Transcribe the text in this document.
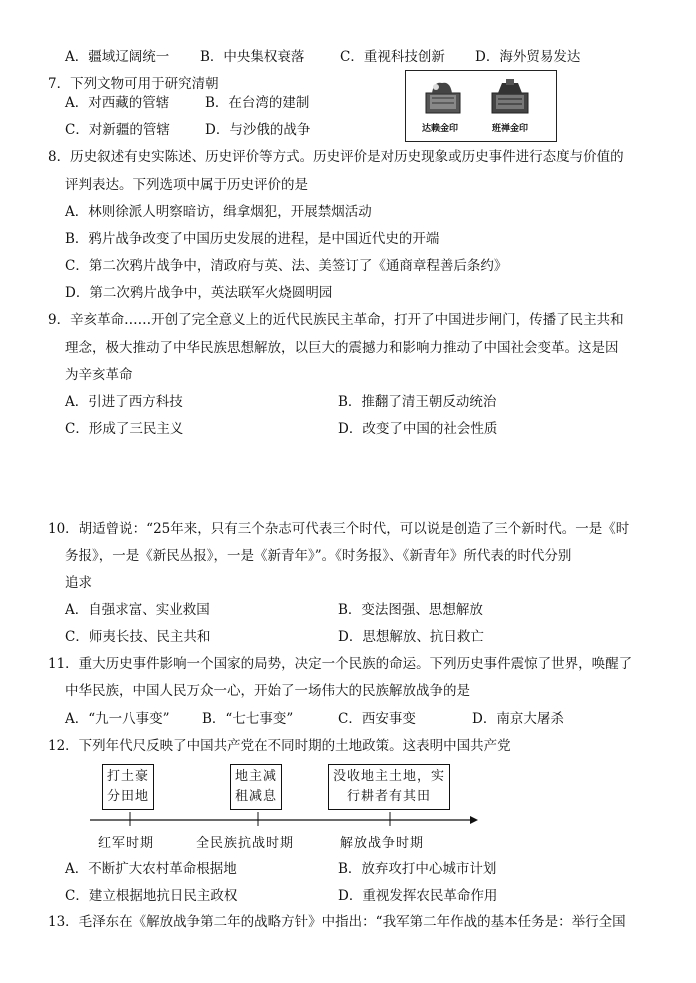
A．疆域辽阔统一 B．中央集权衰落	C．重视科技创新 D．海外贸易发达
7．下列文物可用于研究清朝
A．对西藏的管辖	B．在台湾的建制
C．对新疆的管辖	D．与沙俄的战争	达赖金印	班禅金印
8．历史叙述有史实陈述、历史评价等方式。历史评价是对历史现象或历史事件进行态度与价值的
评判表达。下列选项中属于历史评价的是
A．林则徐派人明察暗访，缉拿烟犯，开展禁烟活动
B．鸦片战争改变了中国历史发展的进程，是中国近代史的开端
C．第二次鸦片战争中，清政府与英、法、美签订了《通商章程善后条约》
D．第二次鸦片战争中，英法联军火烧圆明园
9．辛亥革命……开创了完全意义上的近代民族民主革命，打开了中国进步闸门，传播了民主共和
理念，极大推动了中华民族思想解放，以巨大的震撼力和影响力推动了中国社会变革。这是因
为辛亥革命
A．引进了西方科技	B．推翻了清王朝反动统治
C．形成了三民主义	D．改变了中国的社会性质
10．胡适曾说：“25年来，只有三个杂志可代表三个时代，可以说是创造了三个新时代。一是《时
务报》，一是《新民丛报》，一是《新青年》”。《时务报》、《新青年》所代表的时代分别
追求
A．自强求富、实业救国	B．变法图强、思想解放
C．师夷长技、民主共和	D．思想解放、抗日救亡
11．重大历史事件影响一个国家的局势，决定一个民族的命运。下列历史事件震惊了世界，唤醒了
中华民族，中国人民万众一心，开始了一场伟大的民族解放战争的是
A．“九一八事变” B．“七七事变”	C．西安事变	D．南京大屠杀
12．下列年代尺反映了中国共产党在不同时期的土地政策。这表明中国共产党
打土豪
分田地
地主减
租减息
没收地主土地，实
行耕者有其田
红军时期	全民族抗战时期	解放战争时期
A．不断扩大农村革命根据地	B．放弃攻打中心城市计划
C．建立根据地抗日民主政权	D．重视发挥农民革命作用
13．毛泽东在《解放战争第二年的战略方针》中指出：“我军第二年作战的基本任务是：举行全国
